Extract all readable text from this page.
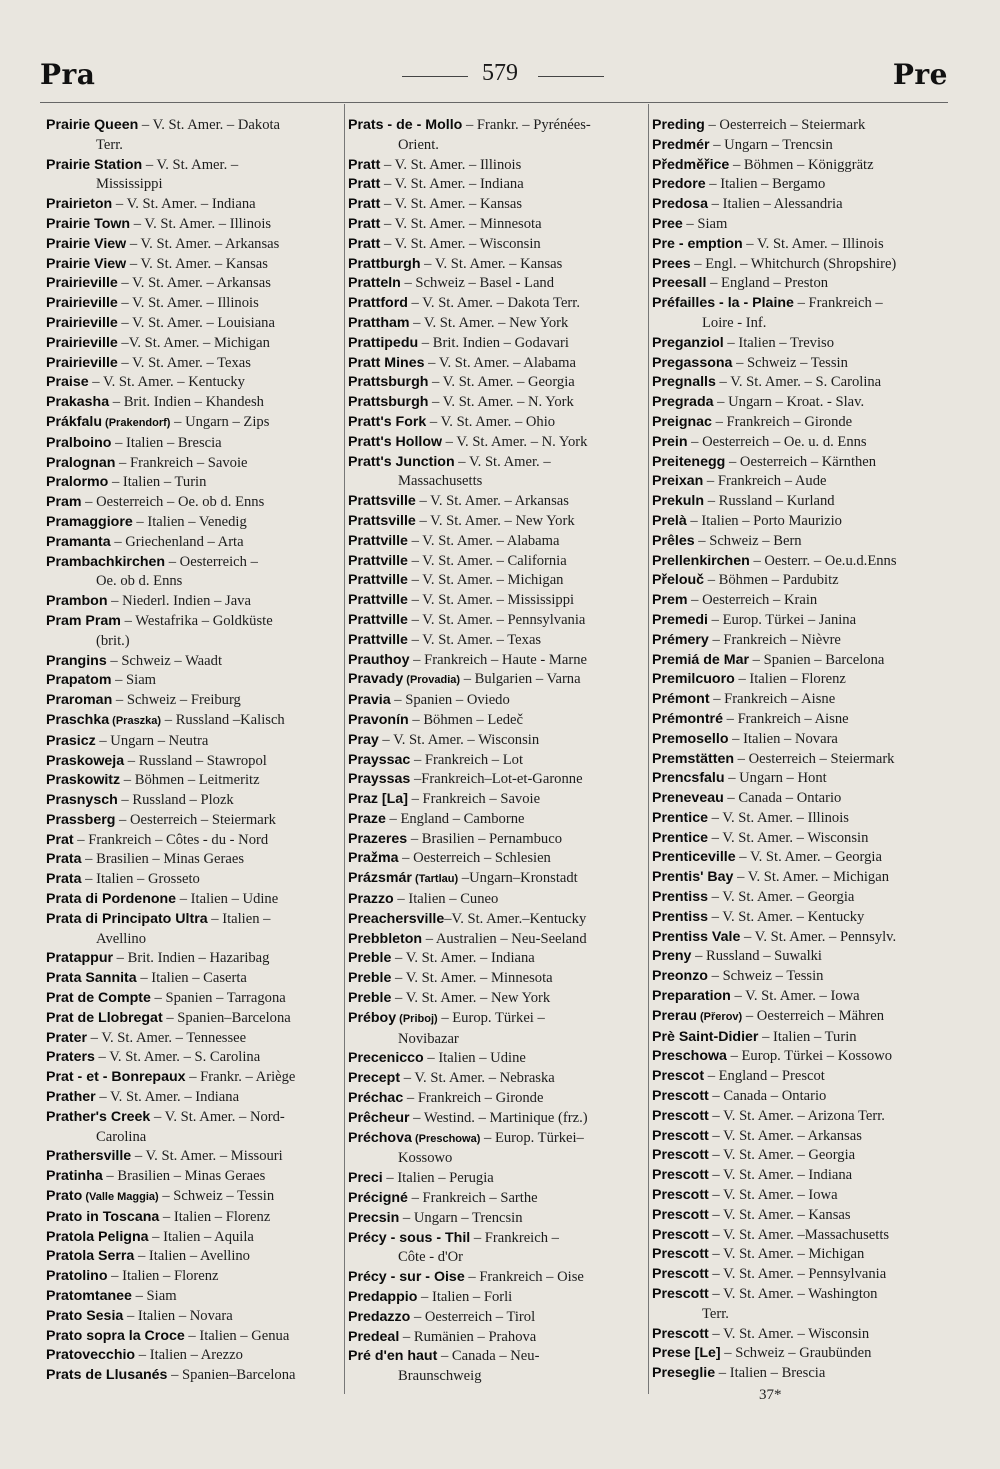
Pra	579	Pre
Prairie Queen – V. St. Amer. – Dakota
Terr.
Prairie Station – V. St. Amer. –
Mississippi
Prairieton – V. St. Amer. – Indiana
Prairie Town – V. St. Amer. – Illinois
Prairie View – V. St. Amer. – Arkansas
Prairie View – V. St. Amer. – Kansas
Prairieville – V. St. Amer. – Arkansas
Prairieville – V. St. Amer. – Illinois
Prairieville – V. St. Amer. – Louisiana
Prairieville –V. St. Amer. – Michigan
Prairieville – V. St. Amer. – Texas
Praise – V. St. Amer. – Kentucky
Prakasha – Brit. Indien – Khandesh
Prákfalu (Prakendorf) – Ungarn – Zips
Pralboino – Italien – Brescia
Pralognan – Frankreich – Savoie
Pralormo – Italien – Turin
Pram – Oesterreich – Oe. ob d. Enns
Pramaggiore – Italien – Venedig
Pramanta – Griechenland – Arta
Prambachkirchen – Oesterreich –
Oe. ob d. Enns
Prambon – Niederl. Indien – Java
Pram Pram – Westafrika – Goldküste
(brit.)
Prangins – Schweiz – Waadt
Prapatom – Siam
Praroman – Schweiz – Freiburg
Praschka (Praszka) – Russland –Kalisch
Prasicz – Ungarn – Neutra
Praskoweja – Russland – Stawropol
Praskowitz – Böhmen – Leitmeritz
Prasnysch – Russland – Plozk
Prassberg – Oesterreich – Steiermark
Prat – Frankreich – Côtes - du - Nord
Prata – Brasilien – Minas Geraes
Prata – Italien – Grosseto
Prata di Pordenone – Italien – Udine
Prata di Principato Ultra – Italien –
Avellino
Pratappur – Brit. Indien – Hazaribag
Prata Sannita – Italien – Caserta
Prat de Compte – Spanien – Tarragona
Prat de Llobregat – Spanien–Barcelona
Prater – V. St. Amer. – Tennessee
Praters – V. St. Amer. – S. Carolina
Prat - et - Bonrepaux – Frankr. – Ariège
Prather – V. St. Amer. – Indiana
Prather's Creek – V. St. Amer. – Nord-
Carolina
Prathersville – V. St. Amer. – Missouri
Pratinha – Brasilien – Minas Geraes
Prato (Valle Maggia) – Schweiz – Tessin
Prato in Toscana – Italien – Florenz
Pratola Peligna – Italien – Aquila
Pratola Serra – Italien – Avellino
Pratolino – Italien – Florenz
Pratomtanee – Siam
Prato Sesia – Italien – Novara
Prato sopra la Croce – Italien – Genua
Pratovecchio – Italien – Arezzo
Prats de Llusanés – Spanien–Barcelona
Prats - de - Mollo – Frankr. – Pyrénées-
Orient.
Pratt – V. St. Amer. – Illinois
Pratt – V. St. Amer. – Indiana
Pratt – V. St. Amer. – Kansas
Pratt – V. St. Amer. – Minnesota
Pratt – V. St. Amer. – Wisconsin
Prattburgh – V. St. Amer. – Kansas
Pratteln – Schweiz – Basel - Land
Prattford – V. St. Amer. – Dakota Terr.
Prattham – V. St. Amer. – New York
Prattipedu – Brit. Indien – Godavari
Pratt Mines – V. St. Amer. – Alabama
Prattsburgh – V. St. Amer. – Georgia
Prattsburgh – V. St. Amer. – N. York
Pratt's Fork – V. St. Amer. – Ohio
Pratt's Hollow – V. St. Amer. – N. York
Pratt's Junction – V. St. Amer. –
Massachusetts
Prattsville – V. St. Amer. – Arkansas
Prattsville – V. St. Amer. – New York
Prattville – V. St. Amer. – Alabama
Prattville – V. St. Amer. – California
Prattville – V. St. Amer. – Michigan
Prattville – V. St. Amer. – Mississippi
Prattville – V. St. Amer. – Pennsylvania
Prattville – V. St. Amer. – Texas
Prauthoy – Frankreich – Haute - Marne
Pravady (Provadia) – Bulgarien – Varna
Pravia – Spanien – Oviedo
Pravonín – Böhmen – Ledeč
Pray – V. St. Amer. – Wisconsin
Prayssac – Frankreich – Lot
Prayssas –Frankreich–Lot-et-Garonne
Praz [La] – Frankreich – Savoie
Praze – England – Camborne
Prazeres – Brasilien – Pernambuco
Pražma – Oesterreich – Schlesien
Prázsmár (Tartlau) –Ungarn–Kronstadt
Prazzo – Italien – Cuneo
Preachersville–V. St. Amer.–Kentucky
Prebbleton – Australien – Neu-Seeland
Preble – V. St. Amer. – Indiana
Preble – V. St. Amer. – Minnesota
Preble – V. St. Amer. – New York
Préboy (Priboj) – Europ. Türkei –
Novibazar
Precenicco – Italien – Udine
Precept – V. St. Amer. – Nebraska
Préchac – Frankreich – Gironde
Prêcheur – Westind. – Martinique (frz.)
Préchova (Preschowa) – Europ. Türkei–
Kossowo
Preci – Italien – Perugia
Précigné – Frankreich – Sarthe
Precsin – Ungarn – Trencsin
Précy - sous - Thil – Frankreich –
Côte - d'Or
Précy - sur - Oise – Frankreich – Oise
Predappio – Italien – Forli
Predazzo – Oesterreich – Tirol
Predeal – Rumänien – Prahova
Pré d'en haut – Canada – Neu-
Braunschweig
Preding – Oesterreich – Steiermark
Predmér – Ungarn – Trencsin
Předměřice – Böhmen – Königgrätz
Predore – Italien – Bergamo
Predosa – Italien – Alessandria
Pree – Siam
Pre - emption – V. St. Amer. – Illinois
Prees – Engl. – Whitchurch (Shropshire)
Preesall – England – Preston
Préfailles - la - Plaine – Frankreich –
Loire - Inf.
Preganziol – Italien – Treviso
Pregassona – Schweiz – Tessin
Pregnalls – V. St. Amer. – S. Carolina
Pregrada – Ungarn – Kroat. - Slav.
Preignac – Frankreich – Gironde
Prein – Oesterreich – Oe. u. d. Enns
Preitenegg – Oesterreich – Kärnthen
Preixan – Frankreich – Aude
Prekuln – Russland – Kurland
Prelà – Italien – Porto Maurizio
Prêles – Schweiz – Bern
Prellenkirchen – Oesterr. – Oe.u.d.Enns
Přelouč – Böhmen – Pardubitz
Prem – Oesterreich – Krain
Premedi – Europ. Türkei – Janina
Prémery – Frankreich – Nièvre
Premiá de Mar – Spanien – Barcelona
Premilcuoro – Italien – Florenz
Prémont – Frankreich – Aisne
Prémontré – Frankreich – Aisne
Premosello – Italien – Novara
Premstätten – Oesterreich – Steiermark
Prencsfalu – Ungarn – Hont
Preneveau – Canada – Ontario
Prentice – V. St. Amer. – Illinois
Prentice – V. St. Amer. – Wisconsin
Prenticeville – V. St. Amer. – Georgia
Prentis' Bay – V. St. Amer. – Michigan
Prentiss – V. St. Amer. – Georgia
Prentiss – V. St. Amer. – Kentucky
Prentiss Vale – V. St. Amer. – Pennsylv.
Preny – Russland – Suwalki
Preonzo – Schweiz – Tessin
Preparation – V. St. Amer. – Iowa
Prerau (Přerov) – Oesterreich – Mähren
Prè Saint-Didier – Italien – Turin
Preschowa – Europ. Türkei – Kossowo
Prescot – England – Prescot
Prescott – Canada – Ontario
Prescott – V. St. Amer. – Arizona Terr.
Prescott – V. St. Amer. – Arkansas
Prescott – V. St. Amer. – Georgia
Prescott – V. St. Amer. – Indiana
Prescott – V. St. Amer. – Iowa
Prescott – V. St. Amer. – Kansas
Prescott – V. St. Amer. –Massachusetts
Prescott – V. St. Amer. – Michigan
Prescott – V. St. Amer. – Pennsylvania
Prescott – V. St. Amer. – Washington
Terr.
Prescott – V. St. Amer. – Wisconsin
Prese [Le] – Schweiz – Graubünden
Preseglie – Italien – Brescia
37*
